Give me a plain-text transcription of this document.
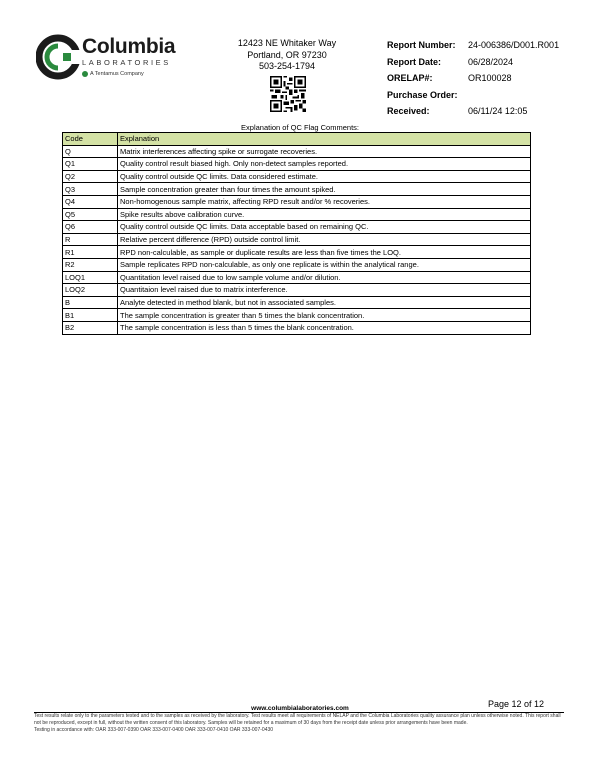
Columbia
LABORATORIES
A Tentamus Company
12423 NE Whitaker Way
Portland, OR 97230
503-254-1794
Report Number:	24-006386/D001.R001
Report Date:	06/28/2024
ORELAP#:	OR100028
Purchase Order:
Received:	06/11/24 12:05
Explanation of QC Flag Comments:
Code	Explanation
Q	Matrix interferences affecting spike or surrogate recoveries.
Q1	Quality control result biased high. Only non-detect samples reported.
Q2	Quality control outside QC limits. Data considered estimate.
Q3	Sample concentration greater than four times the amount spiked.
Q4	Non-homogenous sample matrix, affecting RPD result and/or % recoveries.
Q5	Spike results above calibration curve.
Q6	Quality control outside QC limits. Data acceptable based on remaining QC.
R	Relative percent difference (RPD) outside control limit.
R1	RPD non-calculable, as sample or duplicate results are less than five times the LOQ.
R2	Sample replicates RPD non-calculable, as only one replicate is within the analytical range.
LOQ1	Quantitation level raised due to low sample volume and/or dilution.
LOQ2	Quantitaion level raised due to matrix interference.
B	Analyte detected in method blank, but not in associated samples.
B1	The sample concentration is greater than 5 times the blank concentration.
B2	The sample concentration is less than 5 times the blank concentration.
Page 12 of 12
www.columbialaboratories.com
Test results relate only to the parameters tested and to the samples as received by the laboratory. Test results meet all requirements of NELAP and the Columbia Laboratories quality assurance plan unless otherwise noted. This report shall not be reproduced, except in full, without the written consent of this laboratory. Samples will be retained for a maximum of 30 days from the receipt date unless prior arrangements have been made.
Testing in accordance with: OAR 333-007-0390 OAR 333-007-0400 OAR 333-007-0410 OAR 333-007-0430
